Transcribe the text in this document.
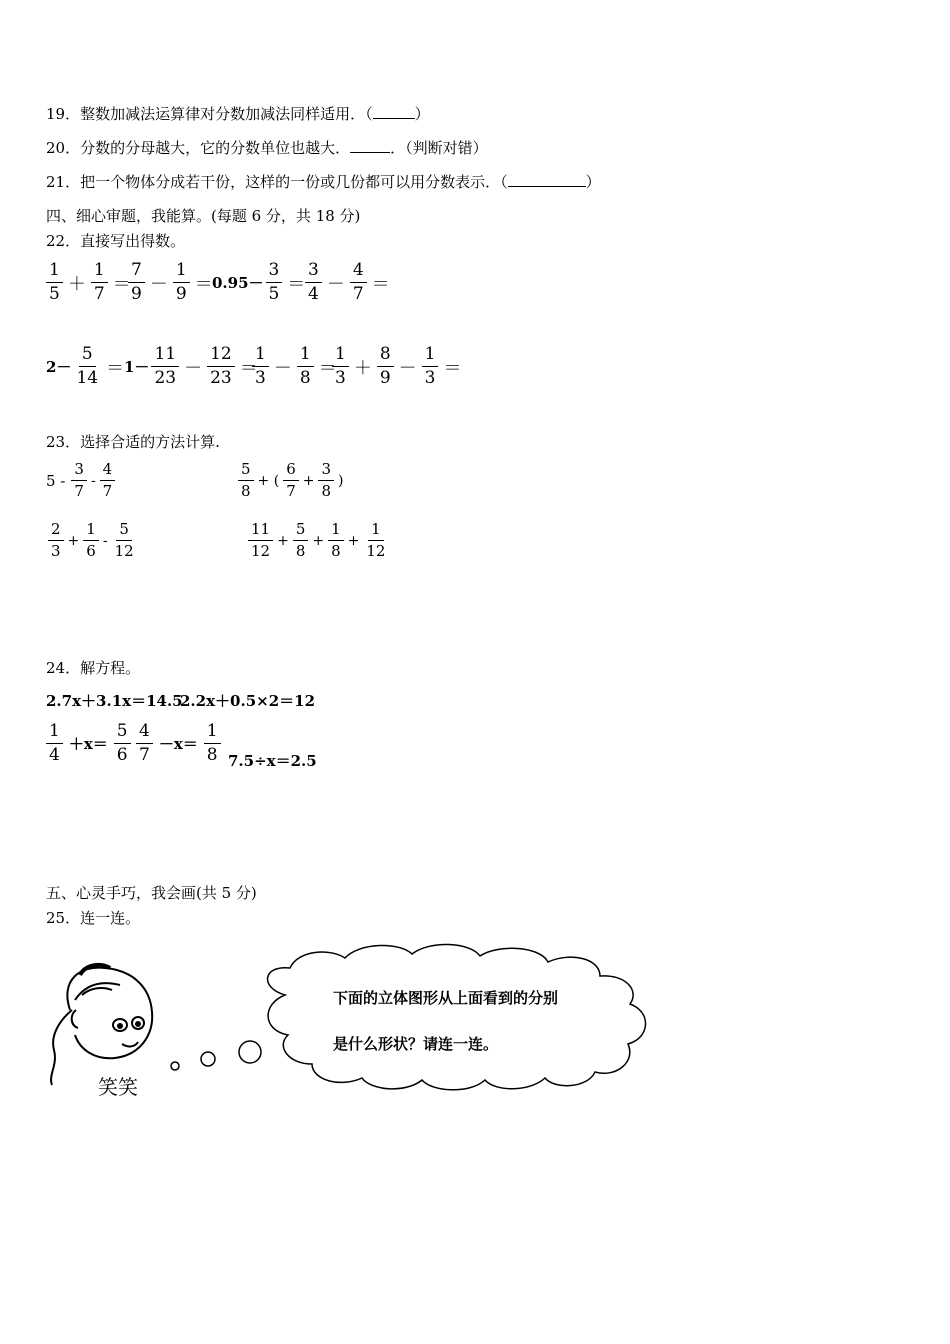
19．整数加减法运算律对分数加减法同样适用．（	）
20．分数的分母越大，它的分数单位也越大．	．（判断对错）
21．把一个物体分成若干份，这样的一份或几份都可以用分数表示．（	）
四、细心审题，我能算。(每题 6 分，共 18 分)
22．直接写出得数。
$\frac{1}{5} + \frac{1}{7}$ ＝
$\frac{7}{9} - \frac{1}{9} = 0.95- \frac{3}{5} = \frac{3}{4} - \frac{4}{7}$ ＝
$2- \frac{5}{14} = 1- \frac{11}{23} - \frac{12}{23}$ ＝
$\frac{1}{3} - \frac{1}{8}$ ＝
$\frac{1}{3} + \frac{8}{9} - \frac{1}{3}$ ＝
23．选择合适的方法计算.
$5 - \frac{3}{7} - \frac{4}{7}$	$\frac{5}{8}$ + ( $\frac{6}{7} + \frac{3}{8}$ )
$\frac{2}{3} + \frac{1}{6} - \frac{5}{12}$	$\frac{11}{12} + \frac{5}{8} + \frac{1}{8} + \frac{1}{12}$
24．解方程。
2.7x＋3.1x＝14.5
2.2x＋0.5×2＝12
$\frac{1}{4} +x= \frac{5}{6} \frac{4}{7} -x= \frac{1}{8} 7.5\div x=2.5$
五、心灵手巧，我会画(共 5 分)
25．连一连。
下面的立体图形从上面看到的分别
是什么形状？请连一连。
笑笑
